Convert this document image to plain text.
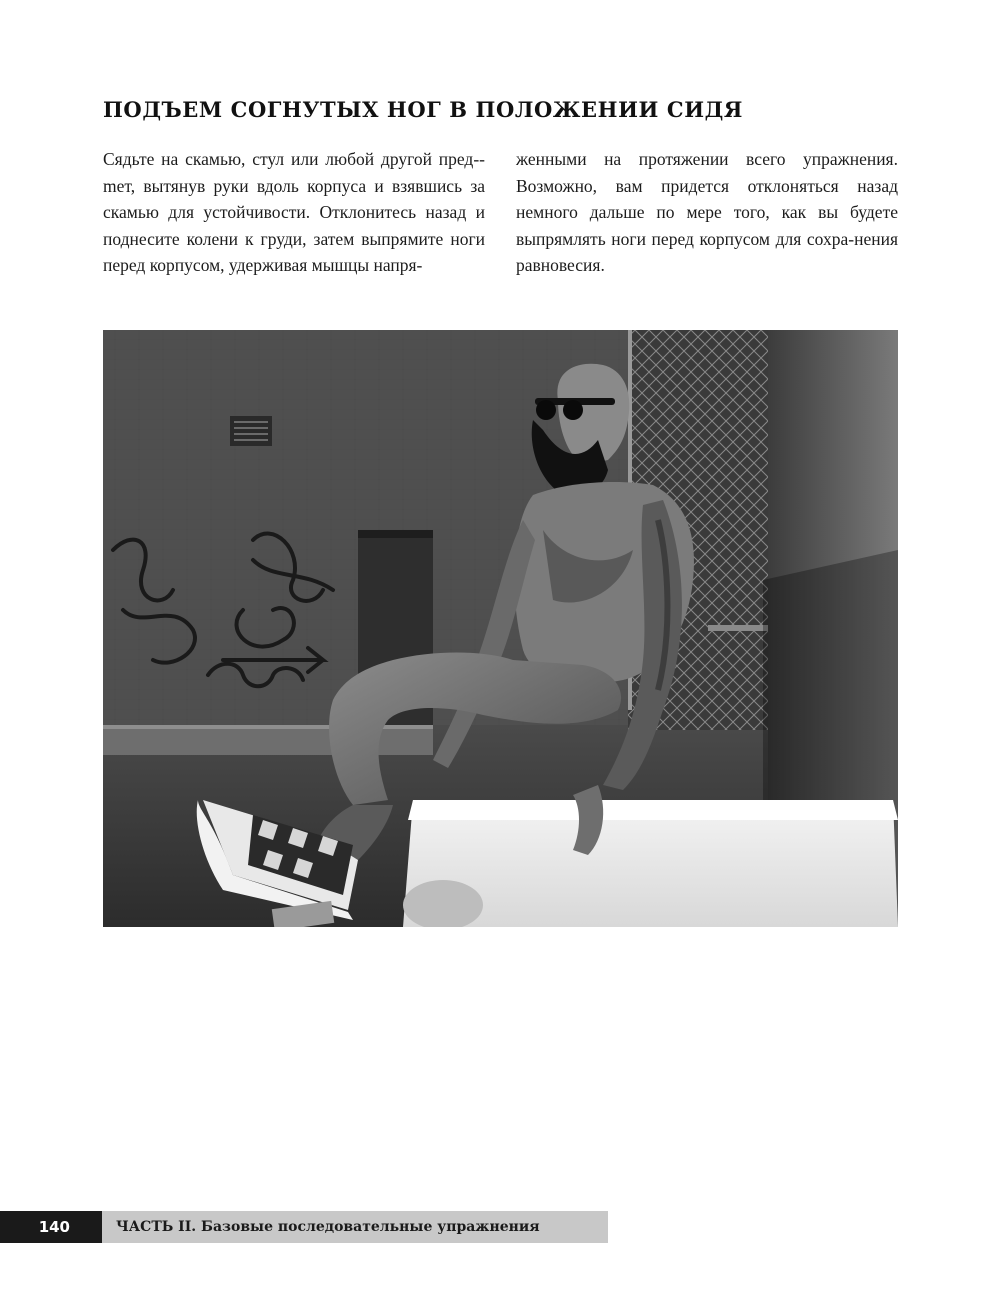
ПОДЪЕМ СОГНУТЫХ НОГ В ПОЛОЖЕНИИ СИДЯ

Сядьте на скамью, стул или любой другой пред-mет, вытянув руки вдоль корпуса и взявшись за скамью для устойчивости. Отклонитесь назад и поднесите колени к груди, затем выпрямите ноги перед корпусом, удерживая мышцы напря-

женными на протяжении всего упражнения. Возможно, вам придется отклоняться назад немного дальше по мере того, как вы будете выпрямлять ноги перед корпусом для сохра-нения равновесия.

140	ЧАСТЬ II. Базовые последовательные упражнения
